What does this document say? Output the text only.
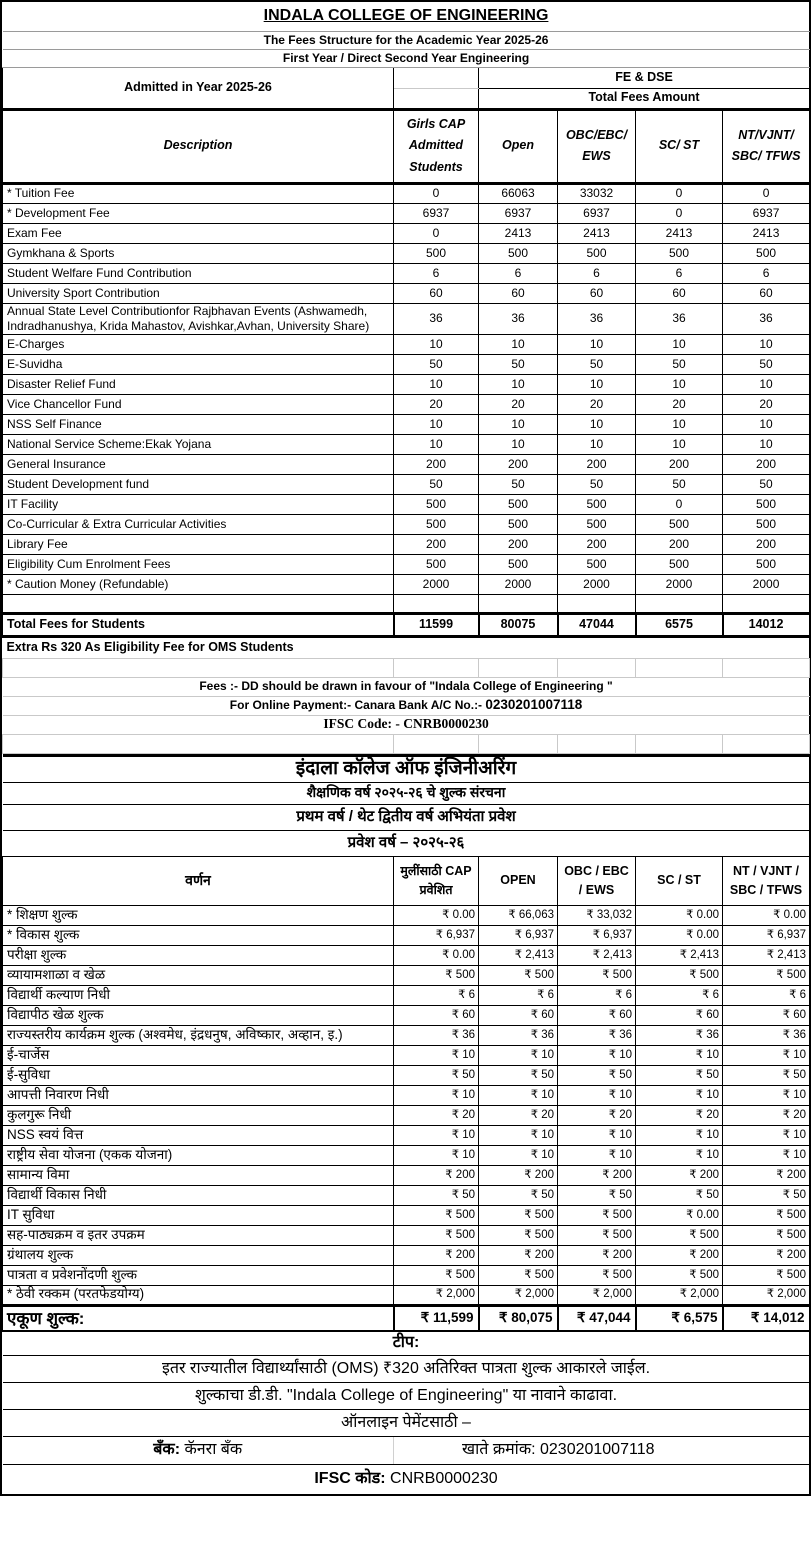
INDALA COLLEGE OF ENGINEERING					
The Fees Structure for the Academic Year 2025-26					
First Year / Direct Second Year Engineering					
Admitted in Year 2025-26		FE & DSE			
		Total Fees Amount			
Description	Girls CAP Admitted Students	Open	OBC/EBC/ EWS	SC/ ST	NT/VJNT/ SBC/ TFWS
* Tuition Fee	0	66063	33032	0	0
* Development Fee	6937	6937	6937	0	6937
Exam Fee	0	2413	2413	2413	2413
Gymkhana & Sports	500	500	500	500	500
Student Welfare Fund Contribution	6	6	6	6	6
University Sport Contribution	60	60	60	60	60
Annual State Level Contributionfor Rajbhavan Events (Ashwamedh, Indradhanushya, Krida Mahastov, Avishkar,Avhan, University Share)	36	36	36	36	36
E-Charges	10	10	10	10	10
E-Suvidha	50	50	50	50	50
Disaster Relief Fund	10	10	10	10	10
Vice Chancellor Fund	20	20	20	20	20
NSS Self Finance	10	10	10	10	10
National Service Scheme:Ekak Yojana	10	10	10	10	10
General Insurance	200	200	200	200	200
Student Development fund	50	50	50	50	50
IT Facility	500	500	500	0	500
Co-Curricular & Extra Curricular Activities	500	500	500	500	500
Library Fee	200	200	200	200	200
Eligibility Cum Enrolment Fees	500	500	500	500	500
* Caution Money (Refundable)	2000	2000	2000	2000	2000

Total Fees for Students	11599	80075	47044	6575	14012
Extra Rs 320 As Eligibility Fee for OMS Students					

Fees :- DD should be drawn in favour of "Indala College of Engineering "					
For Online Payment:- Canara Bank A/C No.:- 0230201007118					
IFSC Code: - CNRB0000230					

इंदाला कॉलेज ऑफ इंजिनीअरिंग					
शैक्षणिक वर्ष २०२५-२६ चे शुल्क संरचना					
प्रथम वर्ष / थेट द्वितीय वर्ष अभियंता प्रवेश					
प्रवेश वर्ष – २०२५-२६					
वर्णन	मुलींसाठी CAP प्रवेशित	OPEN	OBC / EBC / EWS	SC / ST	NT / VJNT / SBC / TFWS
* शिक्षण शुल्क	₹ 0.00	₹ 66,063	₹ 33,032	₹ 0.00	₹ 0.00
* विकास शुल्क	₹ 6,937	₹ 6,937	₹ 6,937	₹ 0.00	₹ 6,937
परीक्षा शुल्क	₹ 0.00	₹ 2,413	₹ 2,413	₹ 2,413	₹ 2,413
व्यायामशाळा व खेळ	₹ 500	₹ 500	₹ 500	₹ 500	₹ 500
विद्यार्थी कल्याण निधी	₹ 6	₹ 6	₹ 6	₹ 6	₹ 6
विद्यापीठ खेळ शुल्क	₹ 60	₹ 60	₹ 60	₹ 60	₹ 60
राज्यस्तरीय कार्यक्रम शुल्क (अश्वमेध, इंद्रधनुष, अविष्कार, अव्हान, इ.)	₹ 36	₹ 36	₹ 36	₹ 36	₹ 36
ई-चार्जेस	₹ 10	₹ 10	₹ 10	₹ 10	₹ 10
ई-सुविधा	₹ 50	₹ 50	₹ 50	₹ 50	₹ 50
आपत्ती निवारण निधी	₹ 10	₹ 10	₹ 10	₹ 10	₹ 10
कुलगुरू निधी	₹ 20	₹ 20	₹ 20	₹ 20	₹ 20
NSS स्वयं वित्त	₹ 10	₹ 10	₹ 10	₹ 10	₹ 10
राष्ट्रीय सेवा योजना (एकक योजना)	₹ 10	₹ 10	₹ 10	₹ 10	₹ 10
सामान्य विमा	₹ 200	₹ 200	₹ 200	₹ 200	₹ 200
विद्यार्थी विकास निधी	₹ 50	₹ 50	₹ 50	₹ 50	₹ 50
IT सुविधा	₹ 500	₹ 500	₹ 500	₹ 0.00	₹ 500
सह-पाठ्यक्रम व इतर उपक्रम	₹ 500	₹ 500	₹ 500	₹ 500	₹ 500
ग्रंथालय शुल्क	₹ 200	₹ 200	₹ 200	₹ 200	₹ 200
पात्रता व प्रवेशनोंदणी शुल्क	₹ 500	₹ 500	₹ 500	₹ 500	₹ 500
* ठेवी रक्कम (परतफेडयोग्य)	₹ 2,000	₹ 2,000	₹ 2,000	₹ 2,000	₹ 2,000
एकूण शुल्क:	₹ 11,599	₹ 80,075	₹ 47,044	₹ 6,575	₹ 14,012
टीप:					
इतर राज्यातील विद्यार्थ्यांसाठी (OMS) ₹320 अतिरिक्त पात्रता शुल्क आकारले जाईल.					
शुल्काचा डी.डी. "Indala College of Engineering" या नावाने काढावा.					
ऑनलाइन पेमेंटसाठी –					
बँक: कॅनरा बँक	खाते क्रमांक: 0230201007118				
IFSC कोड: CNRB0000230					
